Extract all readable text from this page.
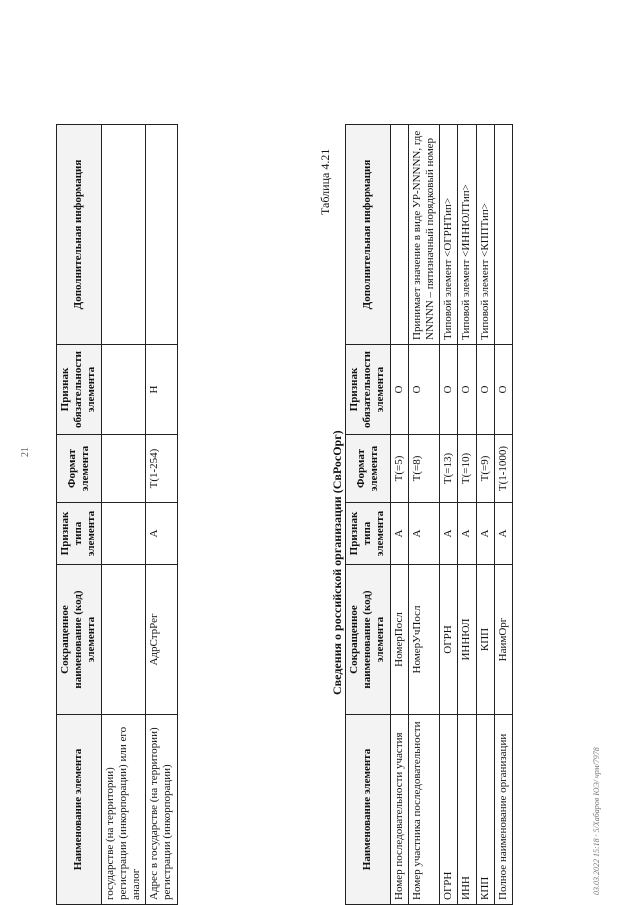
21
Наименование элемента	Сокращенное наименование (код) элемента	Признак типа элемента	Формат элемента	Признак обязательности элемента	Дополнительная информация
государстве (на территории) регистрации (инкорпорации) или его аналог					
Адрес в государстве (на территории) регистрации (инкорпорации)	АдрСтрРег	А	T(1-254)	Н	
Таблица 4.21
Сведения о российской организации (СвРосОрг)
Наименование элемента	Сокращенное наименование (код) элемента	Признак типа элемента	Формат элемента	Признак обязательности элемента	Дополнительная информация
Номер последовательности участия	НомерПосл	А	T(=5)	О	
Номер участника последовательности	НомерУчПосл	А	T(=8)	О	Принимает значение в виде УР-NNNNN, где NNNNN – пятизначный порядковый номер
ОГРН	ОГРН	А	T(=13)	О	Типовой элемент <ОГРНТип>
ИНН	ИННЮЛ	А	T(=10)	О	Типовой элемент <ИННЮЛТип>
КПП	КПП	А	T(=9)	О	Типовой элемент <КППТип>
Полное наименование организации	НаимОрг	А	T(1-1000)	О	
03.03.2022 15:18 · 5/Хабаров ЮЭ/ чрм/7978
